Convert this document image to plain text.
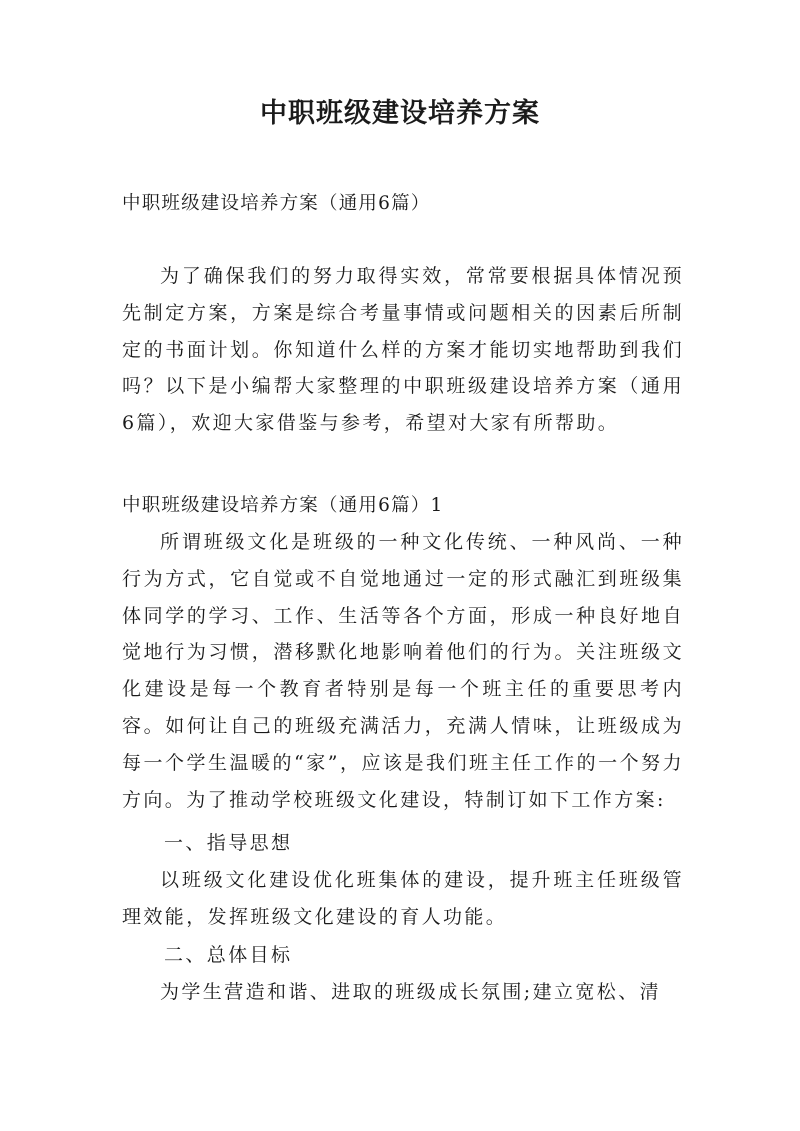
中职班级建设培养方案
中职班级建设培养方案（通用6篇）
为了确保我们的努力取得实效，常常要根据具体情况预先制定方案，方案是综合考量事情或问题相关的因素后所制定的书面计划。你知道什么样的方案才能切实地帮助到我们吗？以下是小编帮大家整理的中职班级建设培养方案（通用6篇），欢迎大家借鉴与参考，希望对大家有所帮助。
中职班级建设培养方案（通用6篇）1
所谓班级文化是班级的一种文化传统、一种风尚、一种行为方式，它自觉或不自觉地通过一定的形式融汇到班级集体同学的学习、工作、生活等各个方面，形成一种良好地自觉地行为习惯，潜移默化地影响着他们的行为。关注班级文化建设是每一个教育者特别是每一个班主任的重要思考内容。如何让自己的班级充满活力，充满人情味，让班级成为每一个学生温暖的“家”，应该是我们班主任工作的一个努力方向。为了推动学校班级文化建设，特制订如下工作方案:
一、指导思想
以班级文化建设优化班集体的建设，提升班主任班级管理效能，发挥班级文化建设的育人功能。
二、总体目标
为学生营造和谐、进取的班级成长氛围;建立宽松、清
